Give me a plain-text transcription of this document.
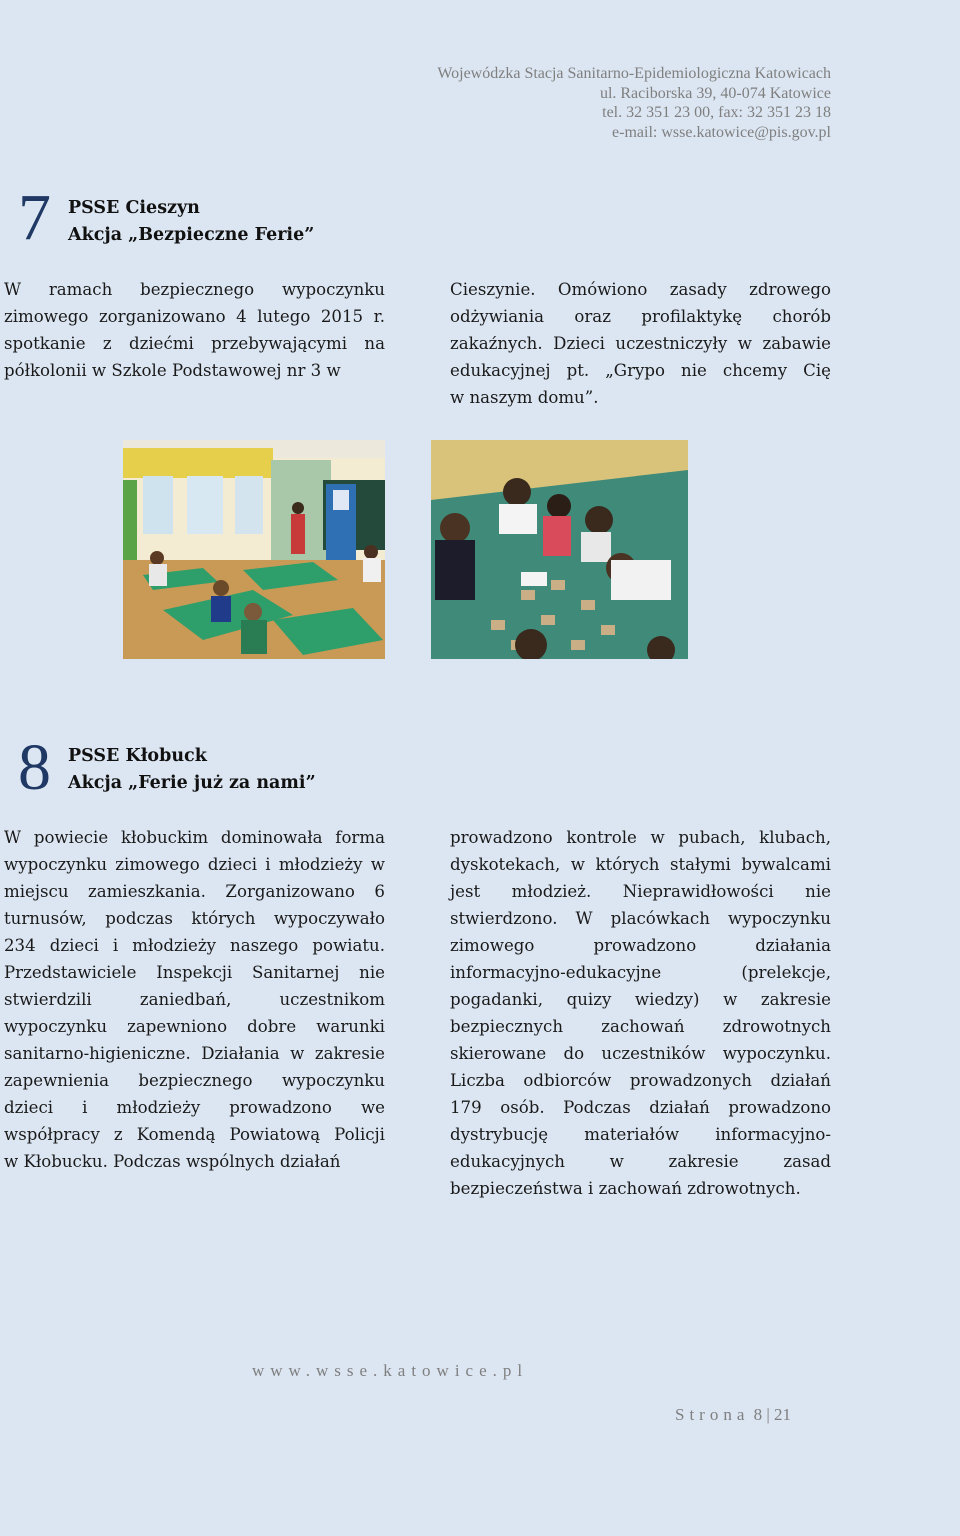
Wojewódzka Stacja Sanitarno-Epidemiologiczna Katowicach
ul. Raciborska 39, 40-074 Katowice
tel. 32 351 23 00, fax: 32 351 23 18
e-mail: wsse.katowice@pis.gov.pl
7 PSSE Cieszyn
Akcja „Bezpieczne Ferie”
W ramach bezpiecznego wypoczynku
zimowego zorganizowano 4 lutego 2015 r.
spotkanie z dziećmi przebywającymi na
półkolonii w Szkole Podstawowej nr 3 w
Cieszynie. Omówiono zasady zdrowego
odżywiania oraz profilaktykę chorób
zakaźnych. Dzieci uczestniczyły w zabawie
edukacyjnej pt. „Grypo nie chcemy Cię
w naszym domu”.
8 PSSE Kłobuck
Akcja „Ferie już za nami”
W powiecie kłobuckim dominowała forma
wypoczynku zimowego dzieci i młodzieży w
miejscu zamieszkania. Zorganizowano 6
turnusów, podczas których wypoczywało
234 dzieci i młodzieży naszego powiatu.
Przedstawiciele Inspekcji Sanitarnej nie
stwierdzili zaniedbań, uczestnikom
wypoczynku zapewniono dobre warunki
sanitarno-higieniczne. Działania w zakresie
zapewnienia bezpiecznego wypoczynku
dzieci i młodzieży prowadzono we
współpracy z Komendą Powiatową Policji
w Kłobucku. Podczas wspólnych działań
prowadzono kontrole w pubach, klubach,
dyskotekach, w których stałymi bywalcami
jest młodzież. Nieprawidłowości nie
stwierdzono. W placówkach wypoczynku
zimowego prowadzono działania
informacyjno-edukacyjne (prelekcje,
pogadanki, quizy wiedzy) w zakresie
bezpiecznych zachowań zdrowotnych
skierowane do uczestników wypoczynku.
Liczba odbiorców prowadzonych działań
179 osób. Podczas działań prowadzono
dystrybucję materiałów informacyjno-
edukacyjnych w zakresie zasad
bezpieczeństwa i zachowań zdrowotnych.
www.wsse.katowice.pl
Strona 8 | 21
